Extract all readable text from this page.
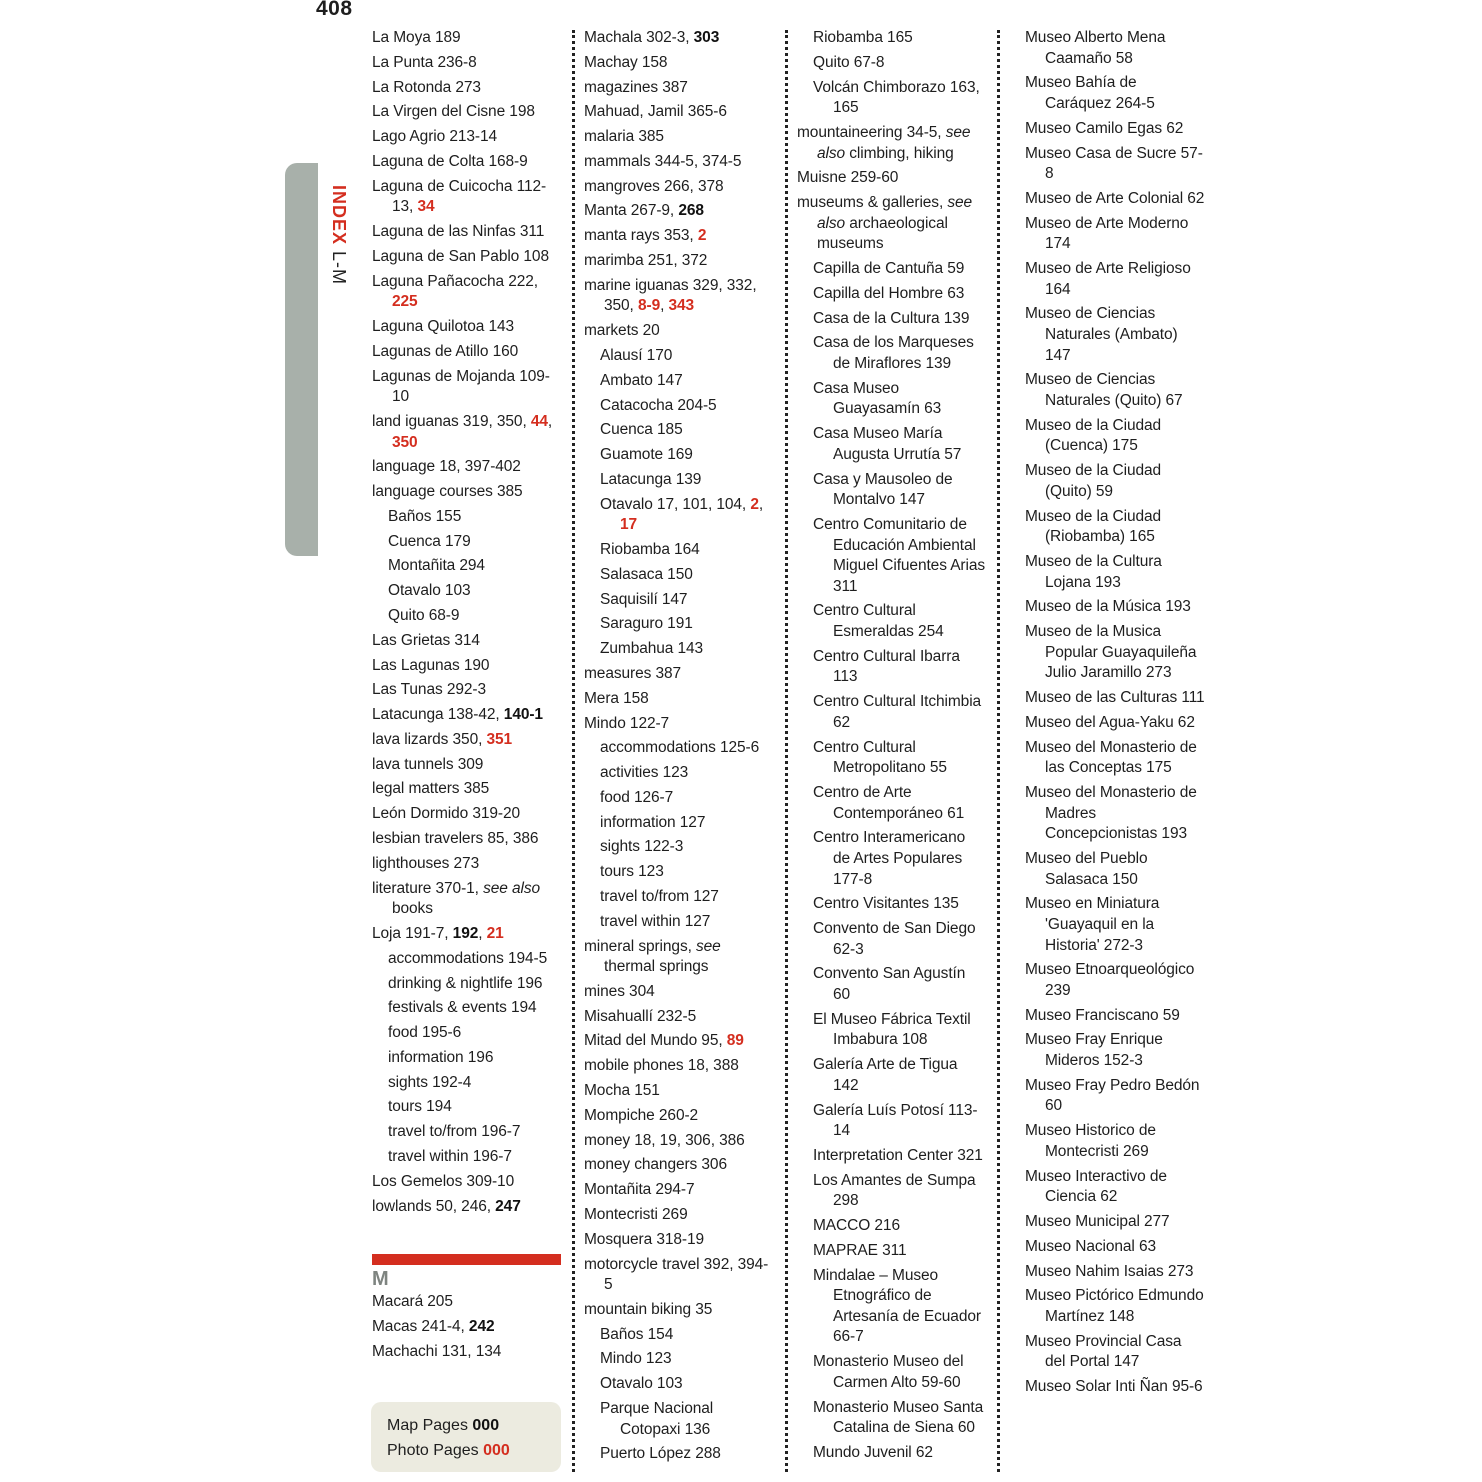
408
INDEX L-M
La Moya 189
La Punta 236-8
La Rotonda 273
La Virgen del Cisne 198
Lago Agrio 213-14
Laguna de Colta 168-9
Laguna de Cuicocha 112-13, 34
Laguna de las Ninfas 311
Laguna de San Pablo 108
Laguna Pañacocha 222, 225
Laguna Quilotoa 143
Lagunas de Atillo 160
Lagunas de Mojanda 109-10
land iguanas 319, 350, 44, 350
language 18, 397-402
language courses 385
Baños 155
Cuenca 179
Montañita 294
Otavalo 103
Quito 68-9
Las Grietas 314
Las Lagunas 190
Las Tunas 292-3
Latacunga 138-42, 140-1
lava lizards 350, 351
lava tunnels 309
legal matters 385
León Dormido 319-20
lesbian travelers 85, 386
lighthouses 273
literature 370-1, see also books
Loja 191-7, 192, 21
accommodations 194-5
drinking & nightlife 196
festivals & events 194
food 195-6
information 196
sights 192-4
tours 194
travel to/from 196-7
travel within 196-7
Los Gemelos 309-10
lowlands 50, 246, 247
Machala 302-3, 303
Machay 158
magazines 387
Mahuad, Jamil 365-6
malaria 385
mammals 344-5, 374-5
mangroves 266, 378
Manta 267-9, 268
manta rays 353, 2
marimba 251, 372
marine iguanas 329, 332, 350, 8-9, 343
markets 20
Alausí 170
Ambato 147
Catacocha 204-5
Cuenca 185
Guamote 169
Latacunga 139
Otavalo 17, 101, 104, 2, 17
Riobamba 164
Salasaca 150
Saquisilí 147
Saraguro 191
Zumbahua 143
measures 387
Mera 158
Mindo 122-7
accommodations 125-6
activities 123
food 126-7
information 127
sights 122-3
tours 123
travel to/from 127
travel within 127
mineral springs, see thermal springs
mines 304
Misahuallí 232-5
Mitad del Mundo 95, 89
mobile phones 18, 388
Mocha 151
Mompiche 260-2
money 18, 19, 306, 386
money changers 306
Montañita 294-7
Montecristi 269
Mosquera 318-19
motorcycle travel 392, 394-5
mountain biking 35
Baños 154
Mindo 123
Otavalo 103
Parque Nacional Cotopaxi 136
Puerto López 288
Riobamba 165
Quito 67-8
Volcán Chimborazo 163, 165
mountaineering 34-5, see also climbing, hiking
Muisne 259-60
museums & galleries, see also archaeological museums
Capilla de Cantuña 59
Capilla del Hombre 63
Casa de la Cultura 139
Casa de los Marqueses de Miraflores 139
Casa Museo Guayasamín 63
Casa Museo María Augusta Urrutía 57
Casa y Mausoleo de Montalvo 147
Centro Comunitario de Educación Ambiental Miguel Cifuentes Arias 311
Centro Cultural Esmeraldas 254
Centro Cultural Ibarra 113
Centro Cultural Itchimbia 62
Centro Cultural Metropolitano 55
Centro de Arte Contemporáneo 61
Centro Interamericano de Artes Populares 177-8
Centro Visitantes 135
Convento de San Diego 62-3
Convento San Agustín 60
El Museo Fábrica Textil Imbabura 108
Galería Arte de Tigua 142
Galería Luís Potosí 113-14
Interpretation Center 321
Los Amantes de Sumpa 298
MACCO 216
MAPRAE 311
Mindalae – Museo Etnográfico de Artesanía de Ecuador 66-7
Monasterio Museo del Carmen Alto 59-60
Monasterio Museo Santa Catalina de Siena 60
Mundo Juvenil 62
Museo Alberto Mena Caamaño 58
Museo Bahía de Caráquez 264-5
Museo Camilo Egas 62
Museo Casa de Sucre 57-8
Museo de Arte Colonial 62
Museo de Arte Moderno 174
Museo de Arte Religioso 164
Museo de Ciencias Naturales (Ambato) 147
Museo de Ciencias Naturales (Quito) 67
Museo de la Ciudad (Cuenca) 175
Museo de la Ciudad (Quito) 59
Museo de la Ciudad (Riobamba) 165
Museo de la Cultura Lojana 193
Museo de la Música 193
Museo de la Musica Popular Guayaquileña Julio Jaramillo 273
Museo de las Culturas 111
Museo del Agua-Yaku 62
Museo del Monasterio de las Conceptas 175
Museo del Monasterio de Madres Concepcionistas 193
Museo del Pueblo Salasaca 150
Museo en Miniatura 'Guayaquil en la Historia' 272-3
Museo Etnoarqueológico 239
Museo Franciscano 59
Museo Fray Enrique Mideros 152-3
Museo Fray Pedro Bedón 60
Museo Historico de Montecristi 269
Museo Interactivo de Ciencia 62
Museo Municipal 277
Museo Nacional 63
Museo Nahim Isaias 273
Museo Pictórico Edmundo Martínez 148
Museo Provincial Casa del Portal 147
Museo Solar Inti Ñan 95-6
M
Macará 205
Macas 241-4, 242
Machachi 131, 134
Map Pages 000
Photo Pages 000
